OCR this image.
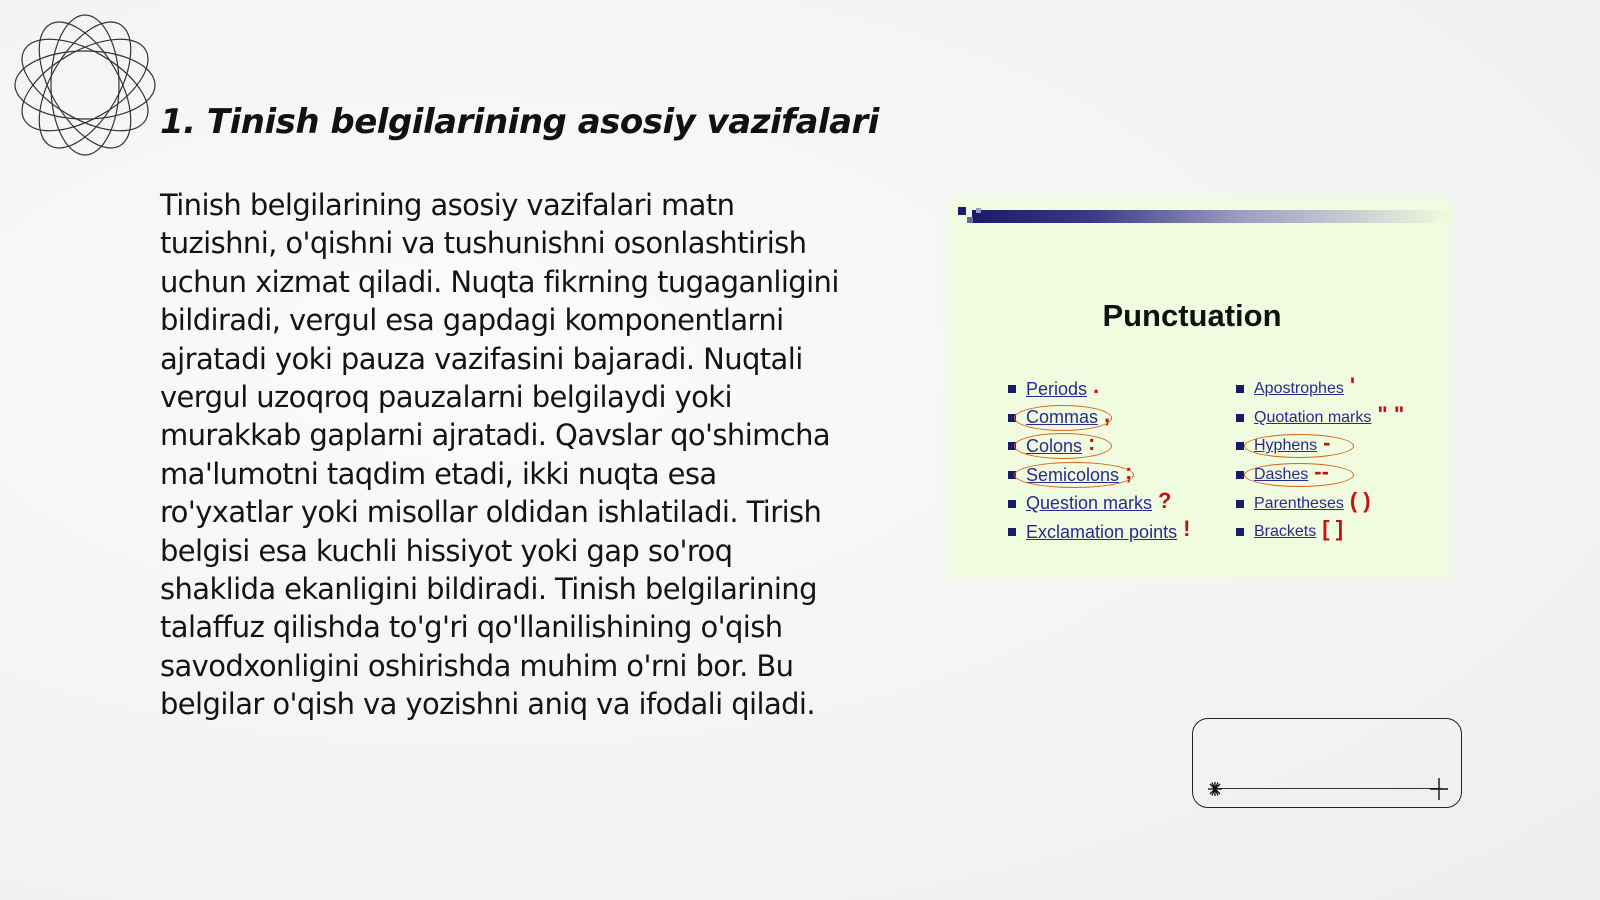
1. Tinish belgilarining asosiy vazifalari

Tinish belgilarining asosiy vazifalari matn tuzishni, o'qishni va tushunishni osonlashtirish uchun xizmat qiladi. Nuqta fikrning tugaganligini bildiradi, vergul esa gapdagi komponentlarni ajratadi yoki pauza vazifasini bajaradi. Nuqtali vergul uzoqroq pauzalarni belgilaydi yoki murakkab gaplarni ajratadi. Qavslar qo'shimcha ma'lumotni taqdim etadi, ikki nuqta esa ro'yxatlar yoki misollar oldidan ishlatiladi. Tirish belgisi esa kuchli hissiyot yoki gap so'roq shaklida ekanligini bildiradi. Tinish belgilarining talaffuz qilishda to'g'ri qo'llanilishining o'qish savodxonligini oshirishda muhim o'rni bor. Bu belgilar o'qish va yozishni aniq va ifodali qiladi.

Punctuation
Periods .
Commas ,
Colons :
Semicolons ;
Question marks ?
Exclamation points !
Apostrophes '
Quotation marks " "
Hyphens -
Dashes --
Parentheses ( )
Brackets [ ]
